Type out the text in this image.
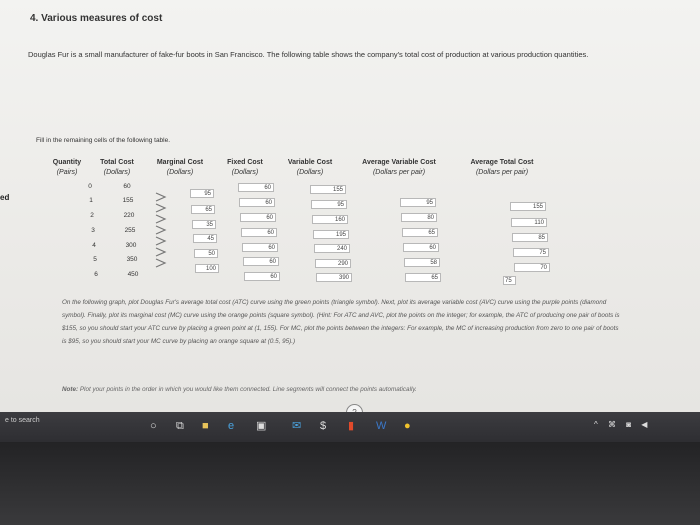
4. Various measures of cost
Douglas Fur is a small manufacturer of fake-fur boots in San Francisco. The following table shows the company's total cost of production at various production quantities.
Fill in the remaining cells of the following table.
ed
Quantity
(Pairs)
Total Cost
(Dollars)
Marginal Cost
(Dollars)
Fixed Cost
(Dollars)
Variable Cost
(Dollars)
Average Variable Cost
(Dollars per pair)
Average Total Cost
(Dollars per pair)
0
1
2
3
4
5
6
60
155
220
255
300
350
450
95
65
35
45
50
100
60
60
60
60
60
60
60
155
95
160
195
240
290
390
95
80
65
60
58
65
155
110
85
75
70
75
On the following graph, plot Douglas Fur's average total cost (ATC) curve using the green points (triangle symbol). Next, plot its average variable cost (AVC) curve using the purple points (diamond symbol). Finally, plot its marginal cost (MC) curve using the orange points (square symbol). (Hint: For ATC and AVC, plot the points on the integer; for example, the ATC of producing one pair of boots is $155, so you should start your ATC curve by placing a green point at (1, 155). For MC, plot the points between the integers: For example, the MC of increasing production from zero to one pair of boots is $95, so you should start your MC curve by placing an orange square at (0.5, 95).)
Note: Plot your points in the order in which you would like them connected. Line segments will connect the points automatically.
e to search	○ ⧉ ■ e ▣ ✉ $ ▮ W ●	^ ⌘ ◙ ◀
